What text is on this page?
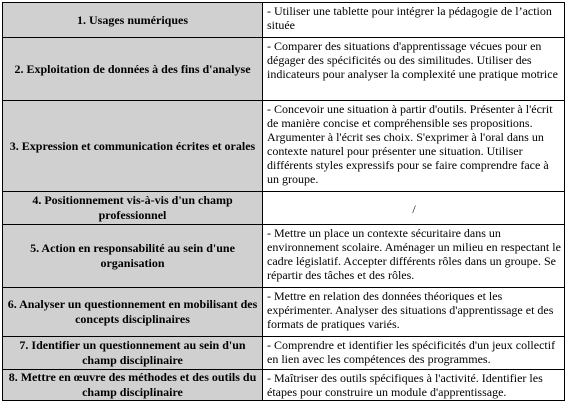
1. Usages numériques	- Utiliser une tablette pour intégrer la pédagogie de l’action située
2. Exploitation de données à des fins d'analyse	- Comparer des situations d'apprentissage vécues pour en dégager des spécificités ou des similitudes. Utiliser des indicateurs pour analyser la complexité une pratique motrice
3. Expression et communication écrites et orales	- Concevoir une situation à partir d'outils. Présenter à l'écrit de manière concise et compréhensible ses propositions. Argumenter à l'écrit ses choix. S'exprimer à l'oral dans un contexte naturel pour présenter une situation. Utiliser différents styles expressifs pour se faire comprendre face à un groupe.
4. Positionnement vis-à-vis d'un champ professionnel	/
5. Action en responsabilité au sein d'une organisation	- Mettre un place un contexte sécuritaire dans un environnement scolaire. Aménager un milieu en respectant le cadre législatif. Accepter différents rôles dans un groupe. Se répartir des tâches et des rôles.
6. Analyser un questionnement en mobilisant des concepts disciplinaires	- Mettre en relation des données théoriques et les expérimenter. Analyser des situations d'apprentissage et des formats de pratiques variés.
7. Identifier un questionnement au sein d'un champ disciplinaire	- Comprendre et identifier les spécificités d'un jeux collectif en lien avec les compétences des programmes.
8. Mettre en œuvre des méthodes et des outils du champ disciplinaire	- Maîtriser des outils spécifiques à l'activité. Identifier les étapes pour construire un module d'apprentissage.
